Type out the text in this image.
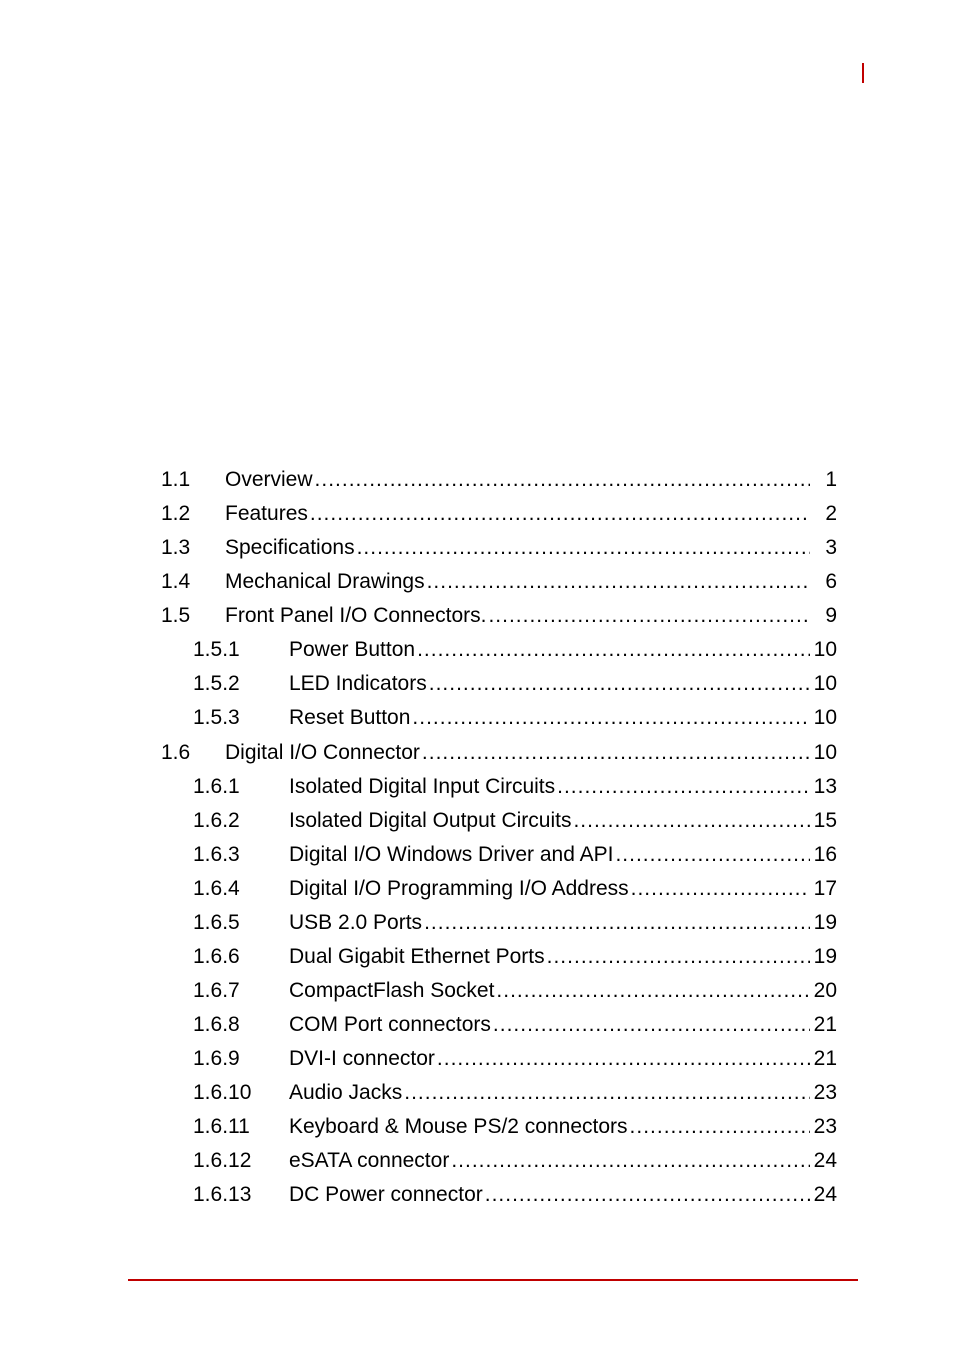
1.1 Overview .....	1
1.2 Features .....	2
1.3 Specifications .....	3
1.4 Mechanical Drawings .....	6
1.5 Front Panel I/O Connectors. .....	9
1.5.1 Power Button .....	10
1.5.2 LED Indicators .....	10
1.5.3 Reset Button .....	10
1.6 Digital I/O Connector .....	10
1.6.1 Isolated Digital Input Circuits .....	13
1.6.2 Isolated Digital Output Circuits .....	15
1.6.3 Digital I/O Windows Driver and API .....	16
1.6.4 Digital I/O Programming I/O Address .....	17
1.6.5 USB 2.0 Ports .....	19
1.6.6 Dual Gigabit Ethernet Ports .....	19
1.6.7 CompactFlash Socket .....	20
1.6.8 COM Port connectors .....	21
1.6.9 DVI-I connector .....	21
1.6.10 Audio Jacks .....	23
1.6.11 Keyboard & Mouse PS/2 connectors .....	23
1.6.12 eSATA connector .....	24
1.6.13 DC Power connector .....	24
